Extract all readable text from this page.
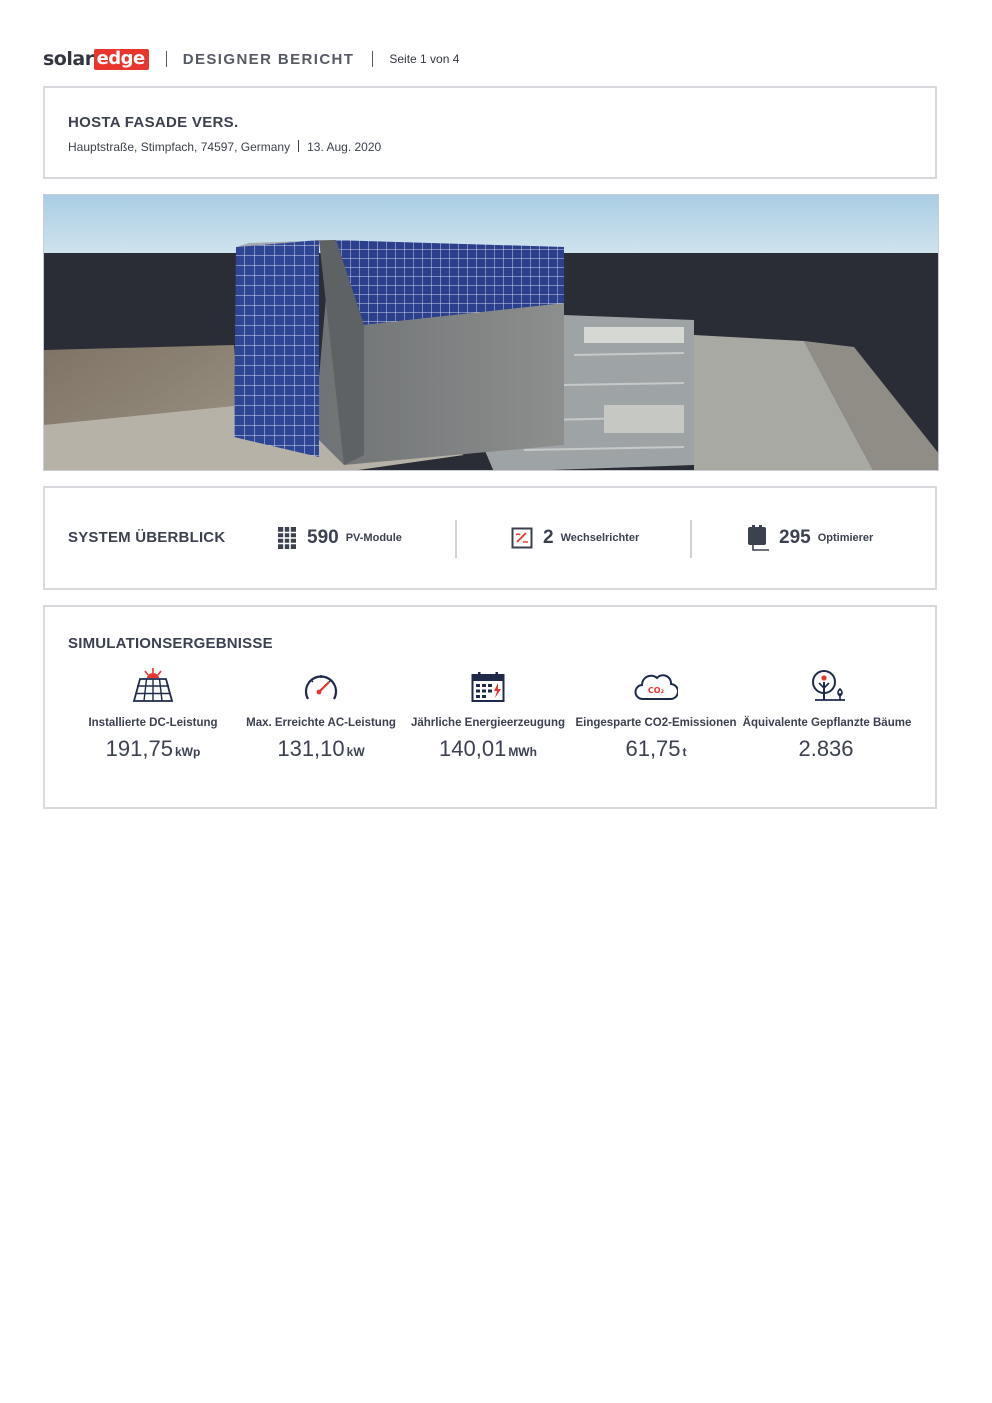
solar edge	DESIGNER BERICHT	Seite 1 von 4
HOSTA FASADE VERS.
Hauptstraße, Stimpfach, 74597, Germany 13. Aug. 2020
SYSTEM ÜBERBLICK	590 PV-Module	2 Wechselrichter	295 Optimierer
SIMULATIONSERGEBNISSE
Installierte DC-Leistung
191,75 kWp
Max. Erreichte AC-Leistung
131,10 kW
Jährliche Energieerzeugung
140,01 MWh
CO₂
Eingesparte CO2-Emissionen
61,75 t
Äquivalente Gepflanzte Bäume
2.836
